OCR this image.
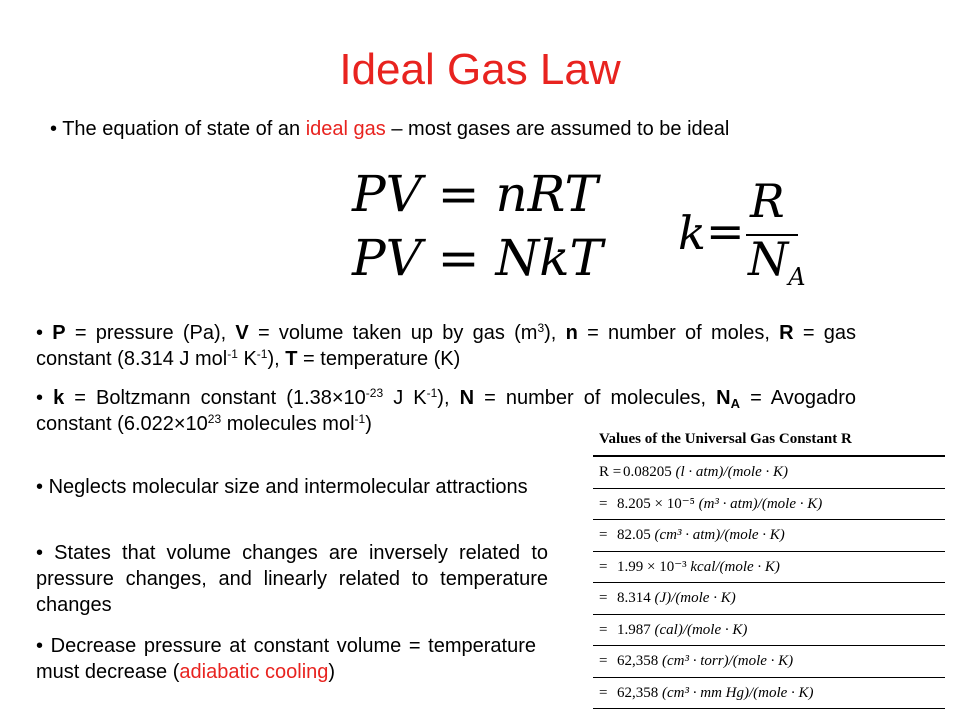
Ideal Gas Law
• The equation of state of an ideal gas – most gases are assumed to be ideal
PV = nRT
PV = NkT k =
R
$N_A$
• P = pressure (Pa), V = volume taken up by gas $(m^3)$, n = number of moles, R = gas constant (8.314 J mol$^{-1}$ $K^{-1}$), T = temperature (K)
• k = Boltzmann constant ($1.38\times 10^{-23}$ J $K^{-1}$), N = number of molecules, $N_A$ = Avogadro constant ($6.022\times 10^{23}$ molecules mol$^{-1}$)
• Neglects molecular size and intermolecular attractions
• States that volume changes are inversely related to pressure changes, and linearly related to temperature changes
• Decrease pressure at constant volume = temperature must decrease (adiabatic cooling)
Values of the Universal Gas Constant R
R = 0.08205 (l · atm)/(mole · K)
= 8.205 × 10⁻⁵ (m³ · atm)/(mole · K)
= 82.05 (cm³ · atm)/(mole · K)
= 1.99 × 10⁻³ kcal/(mole · K)
= 8.314 (J)/(mole · K)
= 1.987 (cal)/(mole · K)
= 62,358 (cm³ · torr)/(mole · K)
= 62,358 (cm³ · mm Hg)/(mole · K)
